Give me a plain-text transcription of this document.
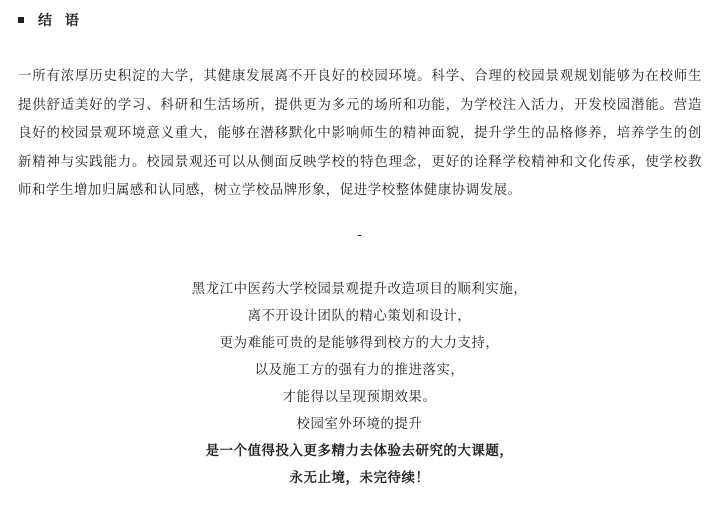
结 语

一所有浓厚历史积淀的大学，其健康发展离不开良好的校园环境。科学、合理的校园景观规划能够为在校师生提供舒适美好的学习、科研和生活场所，提供更为多元的场所和功能，为学校注入活力，开发校园潜能。营造良好的校园景观环境意义重大，能够在潜移默化中影响师生的精神面貌，提升学生的品格修养，培养学生的创新精神与实践能力。校园景观还可以从侧面反映学校的特色理念，更好的诠释学校精神和文化传承，使学校教师和学生增加归属感和认同感，树立学校品牌形象，促进学校整体健康协调发展。

-
黑龙江中医药大学校园景观提升改造项目的顺利实施，
离不开设计团队的精心策划和设计，
更为难能可贵的是能够得到校方的大力支持，
以及施工方的强有力的推进落实，
才能得以呈现预期效果。
校园室外环境的提升
是一个值得投入更多精力去体验去研究的大课题，
永无止境，未完待续！
